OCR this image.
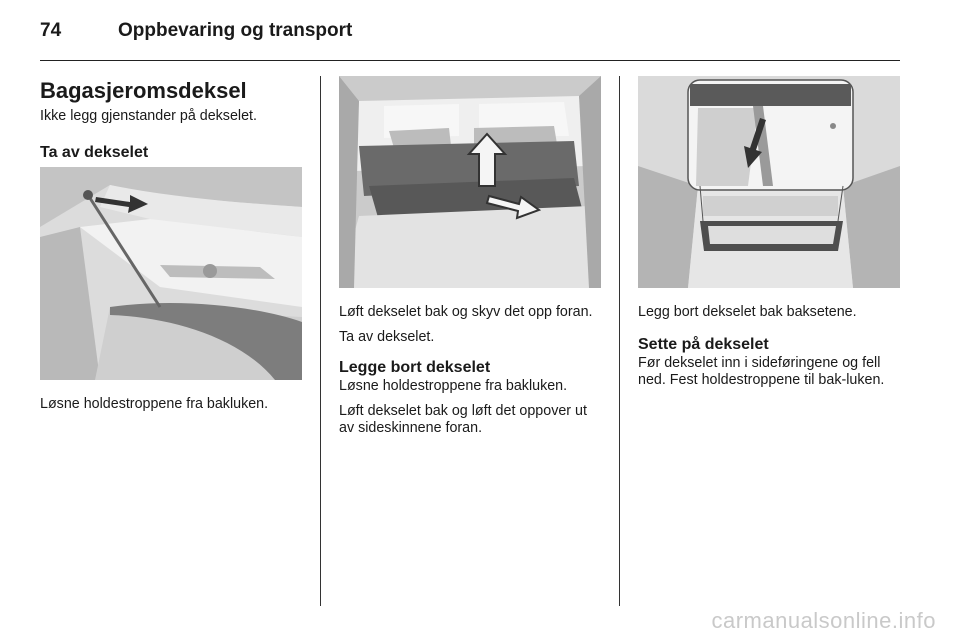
74	Oppbevaring og transport
Bagasjeromsdeksel

Ikke legg gjenstander på dekselet.

Ta av dekselet

Løsne holdestroppene fra bakluken.

Løft dekselet bak og skyv det opp foran.

Ta av dekselet.

Legge bort dekselet

Løsne holdestroppene fra bakluken.

Løft dekselet bak og løft det oppover ut av sideskinnene foran.

Legg bort dekselet bak baksetene.

Sette på dekselet

Før dekselet inn i sideføringene og fell ned. Fest holdestroppene til bak-luken.

carmanualsonline.info
